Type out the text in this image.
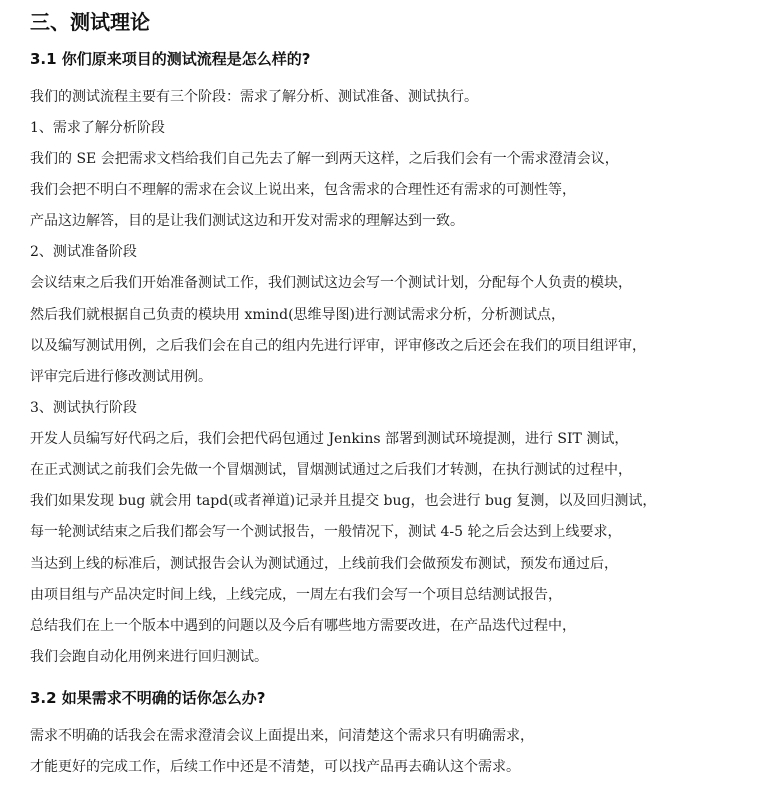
三、测试理论
3.1 你们原来项目的测试流程是怎么样的?
我们的测试流程主要有三个阶段：需求了解分析、测试准备、测试执行。
1、需求了解分析阶段
我们的 SE 会把需求文档给我们自己先去了解一到两天这样，之后我们会有一个需求澄清会议，
我们会把不明白不理解的需求在会议上说出来，包含需求的合理性还有需求的可测性等，
产品这边解答，目的是让我们测试这边和开发对需求的理解达到一致。
2、测试准备阶段
会议结束之后我们开始准备测试工作，我们测试这边会写一个测试计划，分配每个人负责的模块，
然后我们就根据自己负责的模块用 xmind(思维导图)进行测试需求分析，分析测试点，
以及编写测试用例，之后我们会在自己的组内先进行评审，评审修改之后还会在我们的项目组评审，
评审完后进行修改测试用例。
3、测试执行阶段
开发人员编写好代码之后，我们会把代码包通过 Jenkins 部署到测试环境提测，进行 SIT 测试，
在正式测试之前我们会先做一个冒烟测试，冒烟测试通过之后我们才转测，在执行测试的过程中，
我们如果发现 bug 就会用 tapd(或者禅道)记录并且提交 bug，也会进行 bug 复测，以及回归测试，
每一轮测试结束之后我们都会写一个测试报告，一般情况下，测试 4-5 轮之后会达到上线要求，
当达到上线的标准后，测试报告会认为测试通过，上线前我们会做预发布测试，预发布通过后，
由项目组与产品决定时间上线，上线完成，一周左右我们会写一个项目总结测试报告，
总结我们在上一个版本中遇到的问题以及今后有哪些地方需要改进，在产品迭代过程中，
我们会跑自动化用例来进行回归测试。
3.2 如果需求不明确的话你怎么办?
需求不明确的话我会在需求澄清会议上面提出来，问清楚这个需求只有明确需求，
才能更好的完成工作，后续工作中还是不清楚，可以找产品再去确认这个需求。
